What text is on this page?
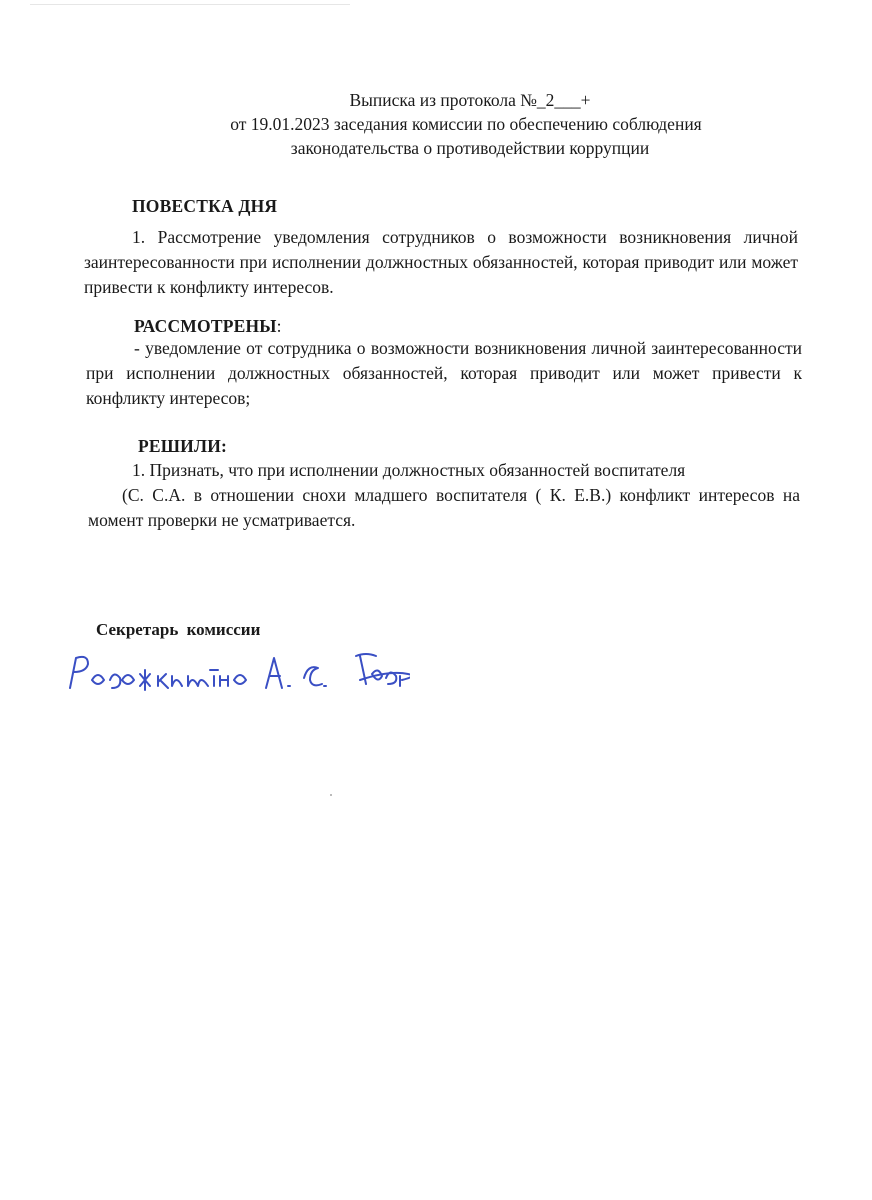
Выписка из протокола №_2___+
от 19.01.2023 заседания комиссии по обеспечению соблюдения
законодательства о противодействии коррупции
ПОВЕСТКА ДНЯ
1. Рассмотрение уведомления сотрудников о возможности возникновения личной заинтересованности при исполнении должностных обязанностей, которая приводит или может привести к конфликту интересов.
РАССМОТРЕНЫ:
- уведомление от сотрудника о возможности возникновения личной заинтересованности при исполнении должностных обязанностей, которая приводит или может привести к конфликту интересов;
РЕШИЛИ:
1. Признать, что при исполнении должностных обязанностей воспитателя
(С. С.А. в отношении снохи младшего воспитателя ( К. Е.В.) конфликт интересов на момент проверки не усматривается.
Секретарь комиссии
